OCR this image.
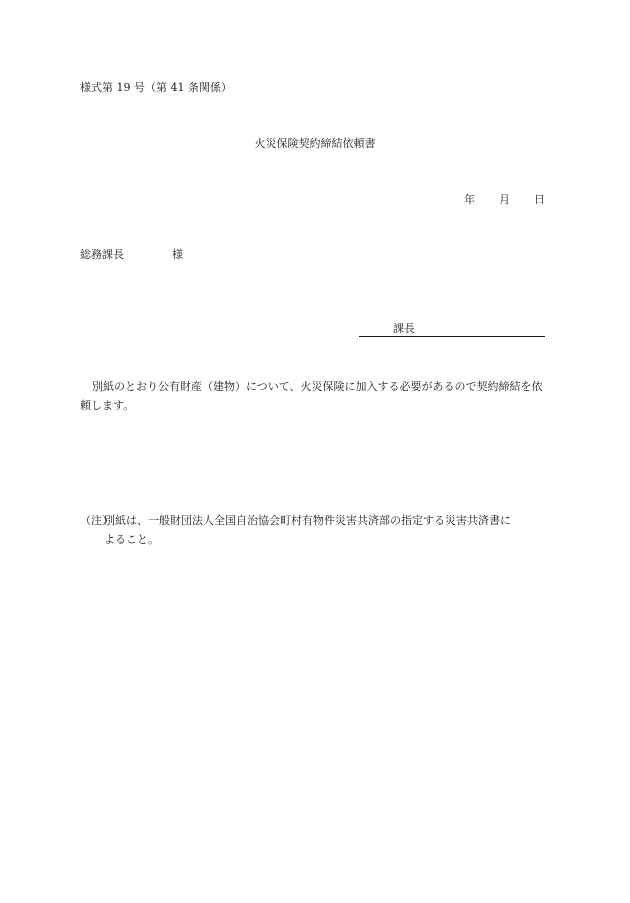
様式第 19 号（第 41 条関係）
火災保険契約締結依頼書
年 月 日
総務課長	様
課長
別紙のとおり公有財産（建物）について、火災保険に加入する必要があるので契約締結を依頼します。
（注）
別紙は、一般財団法人全国自治協会町村有物件災害共済部の指定する災害共済書に
よること。
